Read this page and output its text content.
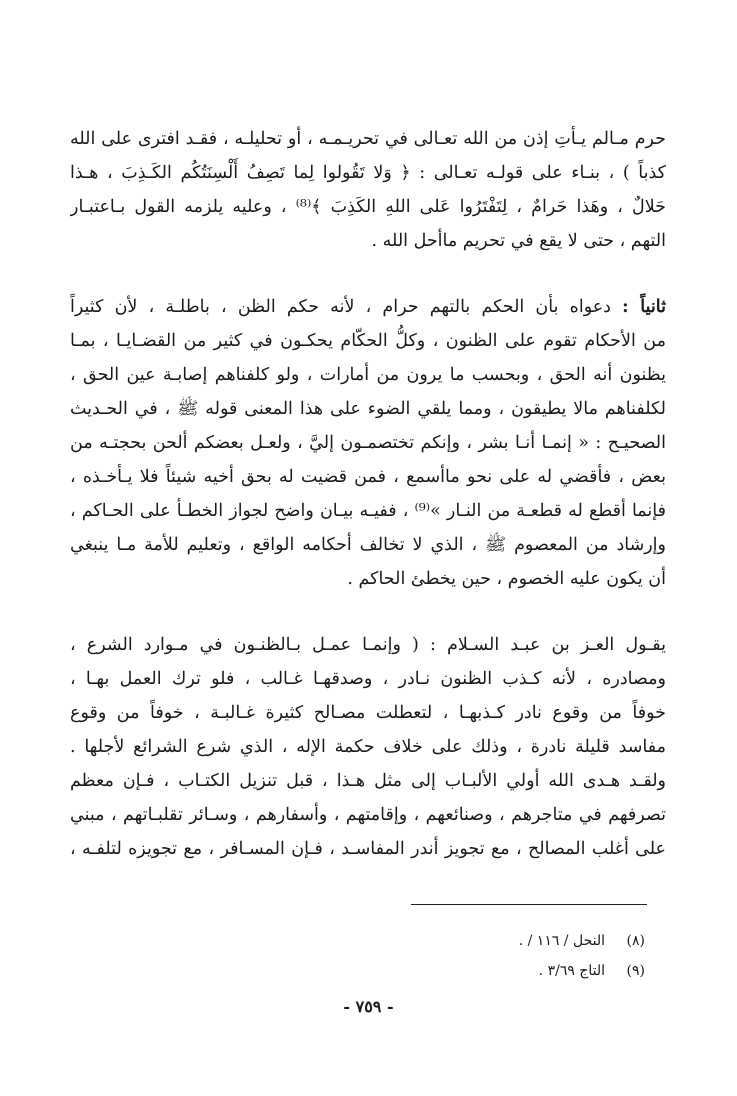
حرم مـالم يـأتِ إذن من الله تعـالى في تحريـمـه ، أو تحليلـه ، فقـد افترى على الله
كذباً ) ، بنـاء على قولـه تعـالى : ﴿ وَلا تَقُولوا لِما تَصِفُ أَلْسِنَتُكُم الكَـذِبَ ، هـذا
حَلالٌ ، وهَذا حَرامٌ ، لِتَفْتَرُوا عَلى اللهِ الكَذِبَ ﴾⁽⁸⁾ ، وعليه يلزمه القول بـاعتبـار
التهم ، حتى لا يقع في تحريم ماأحل الله .
ثانياً : دعواه بأن الحكم بالتهم حرام ، لأنه حكم الظن ، باطلـة ، لأن كثيراً
من الأحكام تقوم على الظنون ، وكلُّ الحكّام يحكـون في كثير من القضـايـا ، بمـا
يظنون أنه الحق ، وبحسب ما يرون من أمارات ، ولو كلفناهم إصابـة عين الحق ،
لكلفناهم مالا يطيقون ، ومما يلقي الضوء على هذا المعنى قوله ﷺ ، في الحـديث
الصحيـح : « إنمـا أنـا بشر ، وإنكم تختصمـون إليَّ ، ولعـل بعضكم ألحن بحجتـه من
بعض ، فأقضي له على نحو ماأسمع ، فمن قضيت له بحق أخيه شيئاً فلا يـأخـذه ،
فإنما أقطع له قطعـة من النـار »⁽⁹⁾ ، ففيـه بيـان واضح لجواز الخطـأ على الحـاكم ،
وإرشاد من المعصوم ﷺ ، الذي لا تخالف أحكامه الواقع ، وتعليم للأمة مـا ينبغي
أن يكون عليه الخصوم ، حين يخطئ الحاكم .
يقـول العـز بن عبـد السـلام : ( وإنمـا عمـل بـالظنـون في مـوارد الشرع ،
ومصادره ، لأنه كـذب الظنون نـادر ، وصدقهـا غـالب ، فلو ترك العمل بهـا ،
خوفاً من وقوع نادر كـذبهـا ، لتعطلت مصـالح كثيرة غـالبـة ، خوفاً من وقوع
مفاسد قليلة نادرة ، وذلك على خلاف حكمة الإله ، الذي شرع الشرائع لأجلها .
ولقـد هـدى الله أولي الألبـاب إلى مثل هـذا ، قبل تنزيل الكتـاب ، فـإن معظم
تصرفهم في متاجرهم ، وصنائعهم ، وإقامتهم ، وأسفارهم ، وسـائر تقلبـاتهم ، مبني
على أغلب المصالح ، مع تجويز أندر المفاسـد ، فـإن المسـافر ، مع تجويزه لتلفـه ،
(٨)النحل / ١١٦ / .
(٩)التاج ٣/٦٩ .
- ٧٥٩ -
